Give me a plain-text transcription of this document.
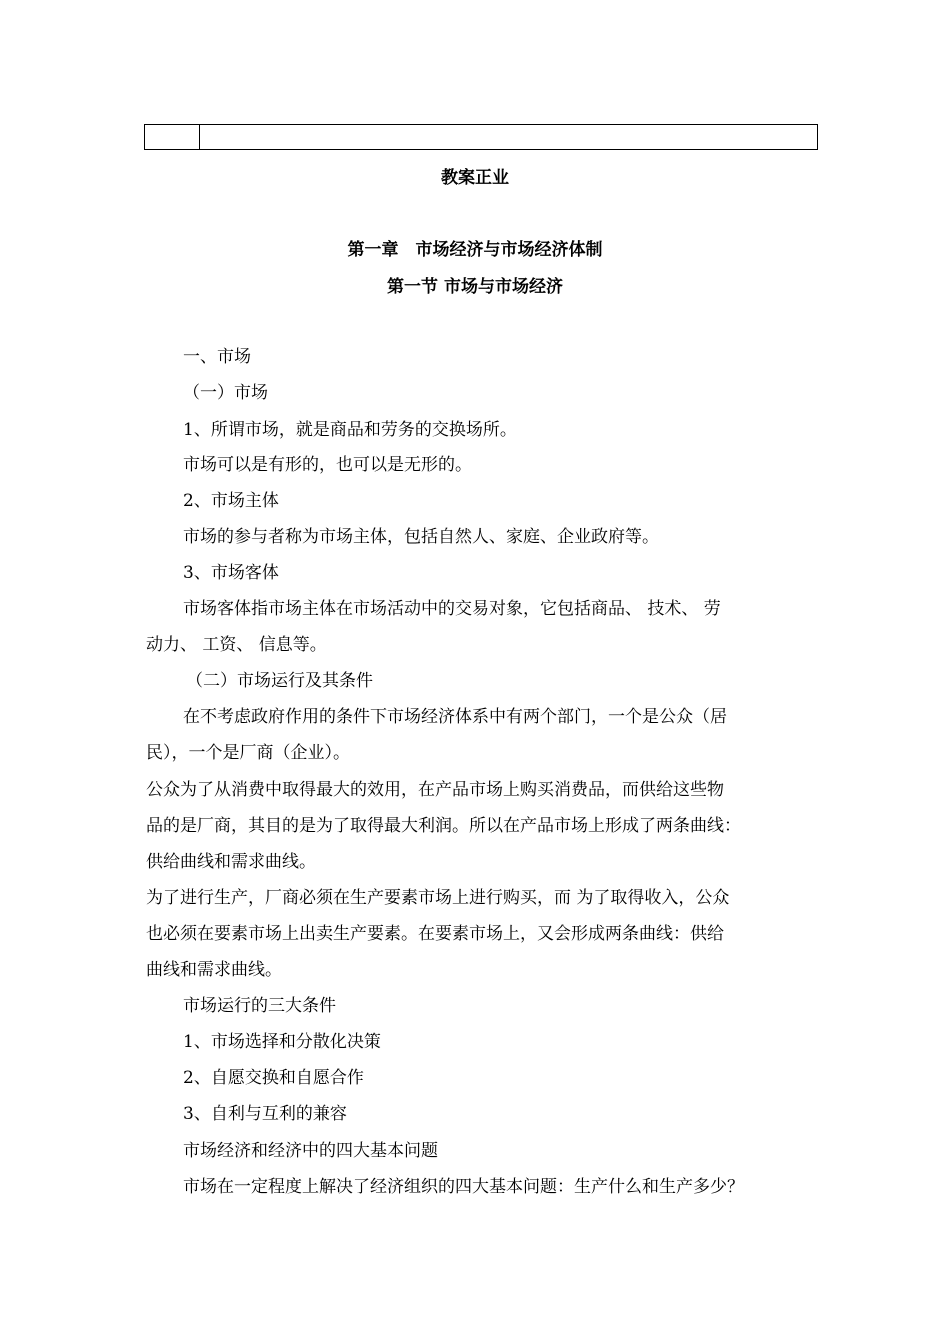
教案正业
第一章　市场经济与市场经济体制
第一节 市场与市场经济
一、市场
（一）市场
1、所谓市场，就是商品和劳务的交换场所。
市场可以是有形的，也可以是无形的。
2、市场主体
市场的参与者称为市场主体，包括自然人、家庭、企业政府等。
3、市场客体
市场客体指市场主体在市场活动中的交易对象，它包括商品、 技术、 劳
动力、 工资、 信息等。
（二）市场运行及其条件
在不考虑政府作用的条件下市场经济体系中有两个部门，一个是公众（居
民），一个是厂商（企业）。
公众为了从消费中取得最大的效用，在产品市场上购买消费品，而供给这些物
品的是厂商，其目的是为了取得最大利润。所以在产品市场上形成了两条曲线：
供给曲线和需求曲线。
为了进行生产，厂商必须在生产要素市场上进行购买，而 为了取得收入，公众
也必须在要素市场上出卖生产要素。在要素市场上，又会形成两条曲线：供给
曲线和需求曲线。
市场运行的三大条件
1、市场选择和分散化决策
2、自愿交换和自愿合作
3、自利与互利的兼容
市场经济和经济中的四大基本问题
市场在一定程度上解决了经济组织的四大基本问题：生产什么和生产多少？
